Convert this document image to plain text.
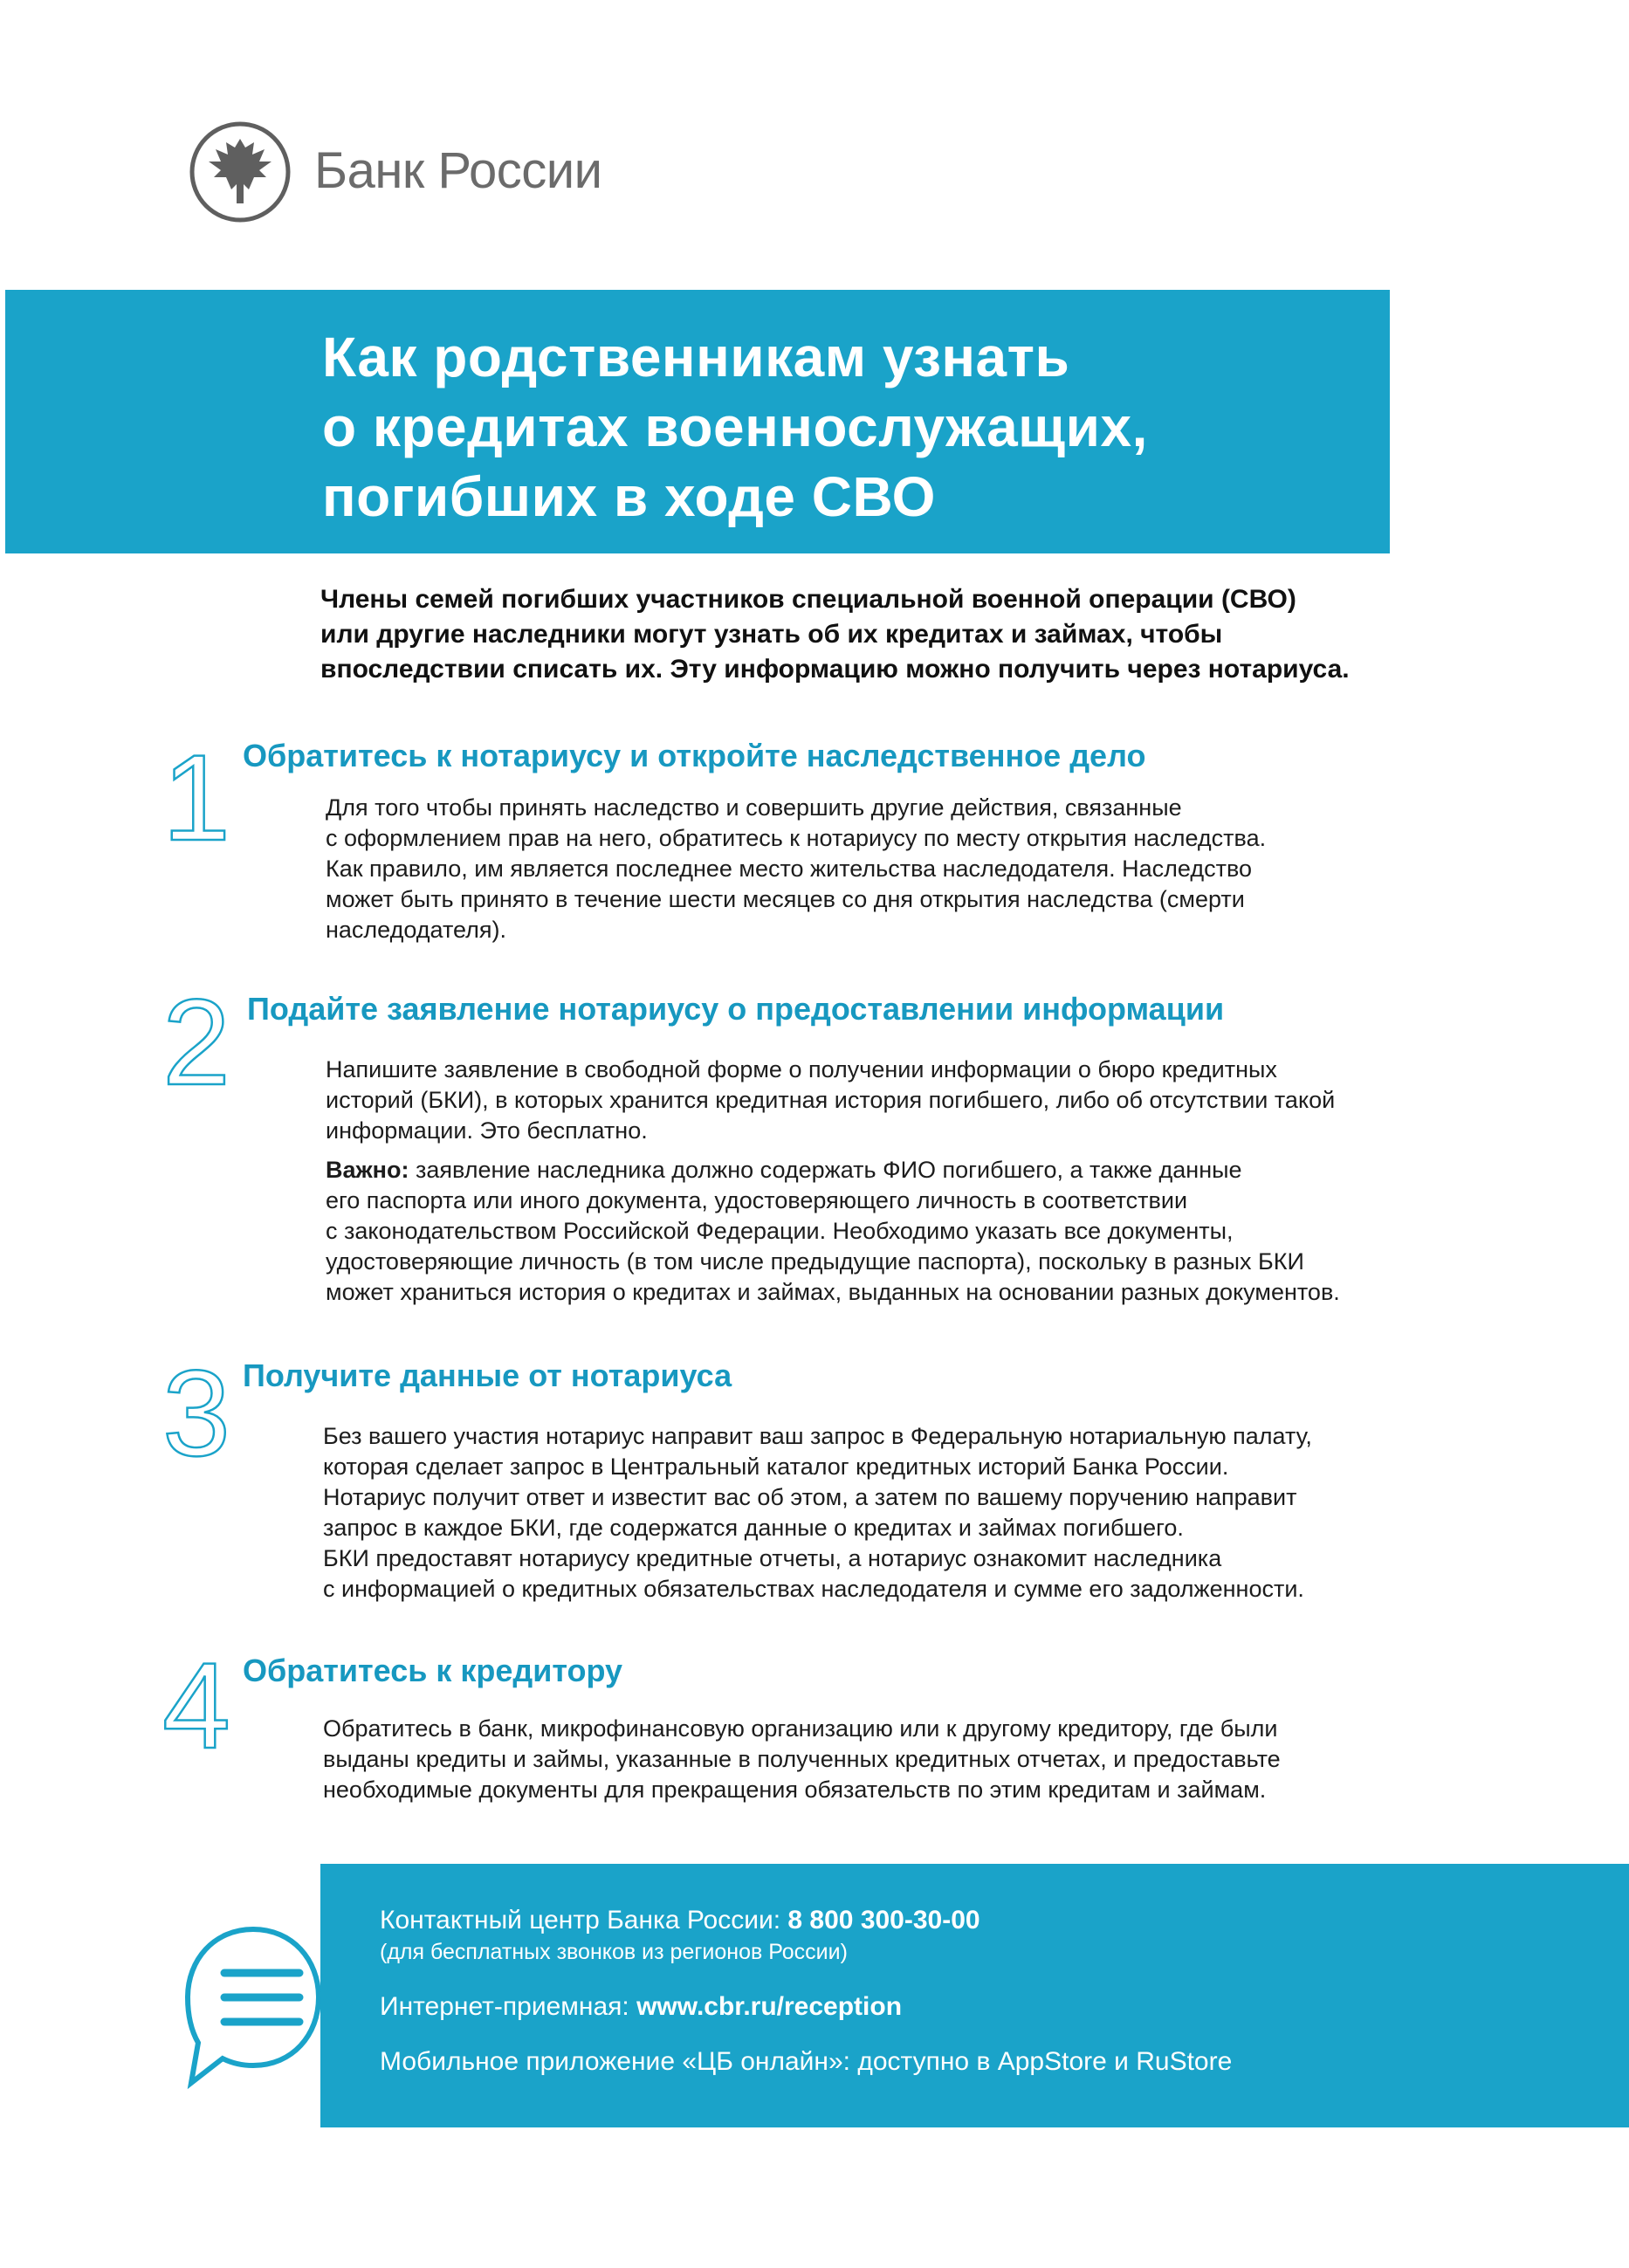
Банк России
Как родственникам узнать
о кредитах военнослужащих,
погибших в ходе СВО
Члены семей погибших участников специальной военной операции (СВО)
или другие наследники могут узнать об их кредитах и займах, чтобы
впоследствии списать их. Эту информацию можно получить через нотариуса.
1 Обратитесь к нотариусу и откройте наследственное дело
Для того чтобы принять наследство и совершить другие действия, связанные
с оформлением прав на него, обратитесь к нотариусу по месту открытия наследства.
Как правило, им является последнее место жительства наследодателя. Наследство
может быть принято в течение шести месяцев со дня открытия наследства (смерти
наследодателя).
2 Подайте заявление нотариусу о предоставлении информации
Напишите заявление в свободной форме о получении информации о бюро кредитных
историй (БКИ), в которых хранится кредитная история погибшего, либо об отсутствии такой
информации. Это бесплатно.
Важно: заявление наследника должно содержать ФИО погибшего, а также данные
его паспорта или иного документа, удостоверяющего личность в соответствии
с законодательством Российской Федерации. Необходимо указать все документы,
удостоверяющие личность (в том числе предыдущие паспорта), поскольку в разных БКИ
может храниться история о кредитах и займах, выданных на основании разных документов.
3 Получите данные от нотариуса
Без вашего участия нотариус направит ваш запрос в Федеральную нотариальную палату,
которая сделает запрос в Центральный каталог кредитных историй Банка России.
Нотариус получит ответ и известит вас об этом, а затем по вашему поручению направит
запрос в каждое БКИ, где содержатся данные о кредитах и займах погибшего.
БКИ предоставят нотариусу кредитные отчеты, а нотариус ознакомит наследника
с информацией о кредитных обязательствах наследодателя и сумме его задолженности.
4 Обратитесь к кредитору
Обратитесь в банк, микрофинансовую организацию или к другому кредитору, где были
выданы кредиты и займы, указанные в полученных кредитных отчетах, и предоставьте
необходимые документы для прекращения обязательств по этим кредитам и займам.
Контактный центр Банка России: 8 800 300-30-00
(для бесплатных звонков из регионов России)
Интернет-приемная: www.cbr.ru/reception
Мобильное приложение «ЦБ онлайн»: доступно в AppStore и RuStore
